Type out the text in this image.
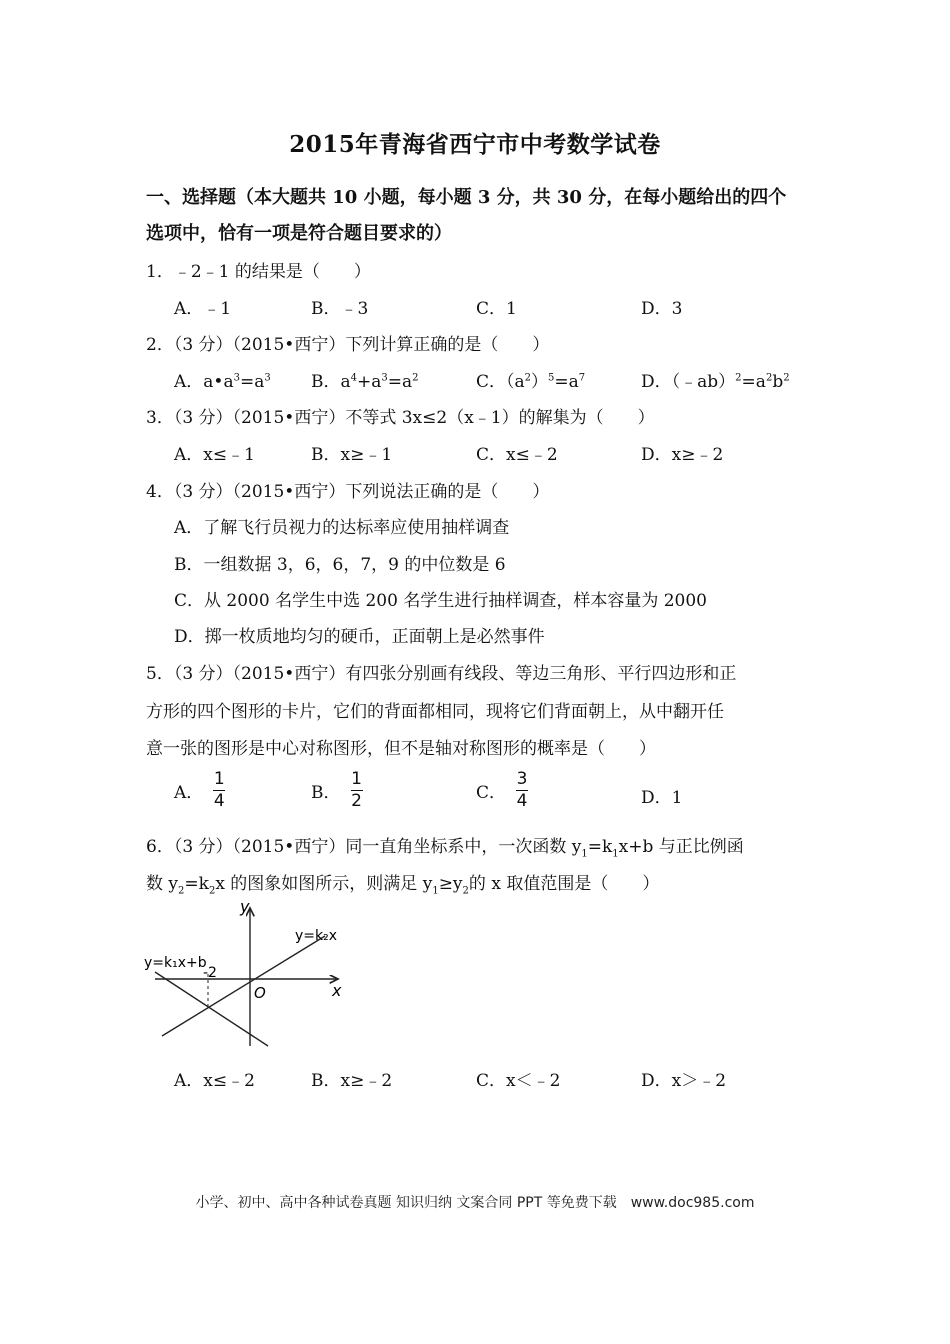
2015年青海省西宁市中考数学试卷
一、选择题（本大题共 10 小题，每小题 3 分，共 30 分，在每小题给出的四个
选项中，恰有一项是符合题目要求的）
1．﹣2﹣1 的结果是（　　）
A．﹣1	B．﹣3	C．1	D．3
2．（3 分）（2015•西宁）下列计算正确的是（　　）
A．$a•a^3=a^3$ B．$a^4+a^3=a^2$	C．$(a^2)^5=a^7$	D．$(﹣ab)^2=a^2b^2$
3．（3 分）（2015•西宁）不等式 3x≤2（x﹣1）的解集为（　　）
A．x≤﹣1	B．x≥﹣1	C．x≤﹣2	D．x≥﹣2
4．（3 分）（2015•西宁）下列说法正确的是（　　）
A．了解飞行员视力的达标率应使用抽样调查
B．一组数据 3，6，6，7，9 的中位数是 6
C．从 2000 名学生中选 200 名学生进行抽样调查，样本容量为 2000
D．掷一枚质地均匀的硬币，正面朝上是必然事件
5．（3 分）（2015•西宁）有四张分别画有线段、等边三角形、平行四边形和正
方形的四个图形的卡片，它们的背面都相同，现将它们背面朝上，从中翻开任
意一张的图形是中心对称图形，但不是轴对称图形的概率是（　　）
A． $\frac{1}{4}$	B． $\frac{1}{2}$	C． $\frac{3}{4}$	D．1
6．（3 分）（2015•西宁）同一直角坐标系中，一次函数 $y_1=k_1x+b$ 与正比例函
数 $y_2=k_2x$ 的图象如图所示，则满足 $y_1\ge y_2$的 x 取值范围是（　　）
y
x
O
-2
y=k₁x+b
y=k₂x
A．x≤﹣2	B．x≥﹣2	C．x＜﹣2	D．x＞﹣2
小学、初中、高中各种试卷真题 知识归纳 文案合同 PPT 等免费下载　www.doc985.com
